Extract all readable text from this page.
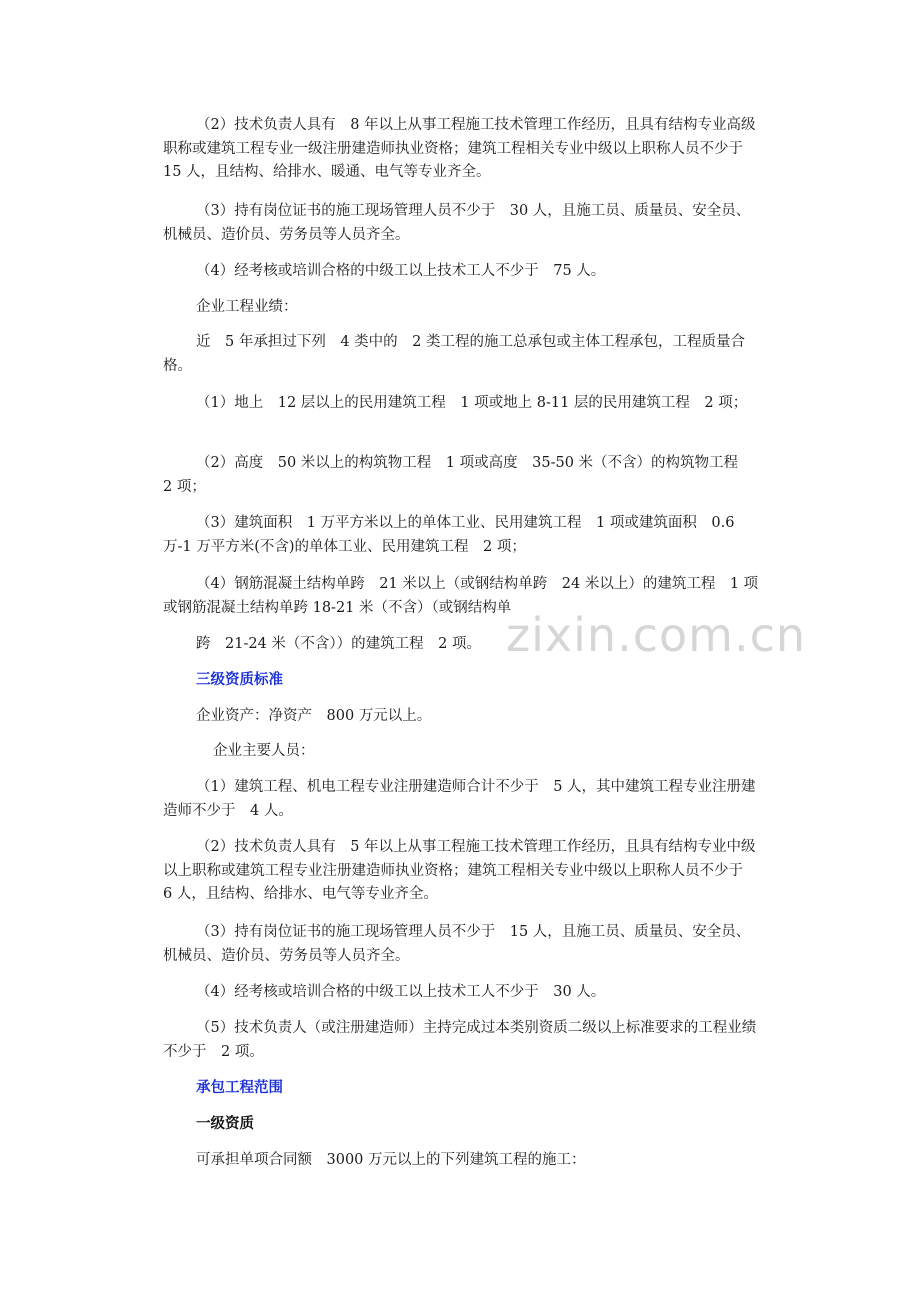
（2）技术负责人具有　8 年以上从事工程施工技术管理工作经历，且具有结构专业高级职称或建筑工程专业一级注册建造师执业资格；建筑工程相关专业中级以上职称人员不少于　15 人，且结构、给排水、暖通、电气等专业齐全。

（3）持有岗位证书的施工现场管理人员不少于　30 人，且施工员、质量员、安全员、机械员、造价员、劳务员等人员齐全。

（4）经考核或培训合格的中级工以上技术工人不少于　75 人。

企业工程业绩：

近　5 年承担过下列　4 类中的　2 类工程的施工总承包或主体工程承包，工程质量合格。

（1）地上　12 层以上的民用建筑工程　1 项或地上 8-11 层的民用建筑工程　2 项；

（2）高度　50 米以上的构筑物工程　1 项或高度　35-50 米（不含）的构筑物工程　2 项；

（3）建筑面积　1 万平方米以上的单体工业、民用建筑工程　1 项或建筑面积　0.6 万-1 万平方米(不含)的单体工业、民用建筑工程　2 项；

（4）钢筋混凝土结构单跨　21 米以上（或钢结构单跨　24 米以上）的建筑工程　1 项或钢筋混凝土结构单跨 18-21 米（不含）（或钢结构单

跨　21-24 米（不含））的建筑工程　2 项。

三级资质标准

企业资产：净资产　800 万元以上。

企业主要人员：

（1）建筑工程、机电工程专业注册建造师合计不少于　5 人，其中建筑工程专业注册建造师不少于　4 人。

（2）技术负责人具有　5 年以上从事工程施工技术管理工作经历，且具有结构专业中级以上职称或建筑工程专业注册建造师执业资格；建筑工程相关专业中级以上职称人员不少于　6 人，且结构、给排水、电气等专业齐全。

（3）持有岗位证书的施工现场管理人员不少于　15 人，且施工员、质量员、安全员、机械员、造价员、劳务员等人员齐全。

（4）经考核或培训合格的中级工以上技术工人不少于　30 人。

（5）技术负责人（或注册建造师）主持完成过本类别资质二级以上标准要求的工程业绩不少于　2 项。

承包工程范围
一级资质

可承担单项合同额　3000 万元以上的下列建筑工程的施工：

zixin.com.cn
